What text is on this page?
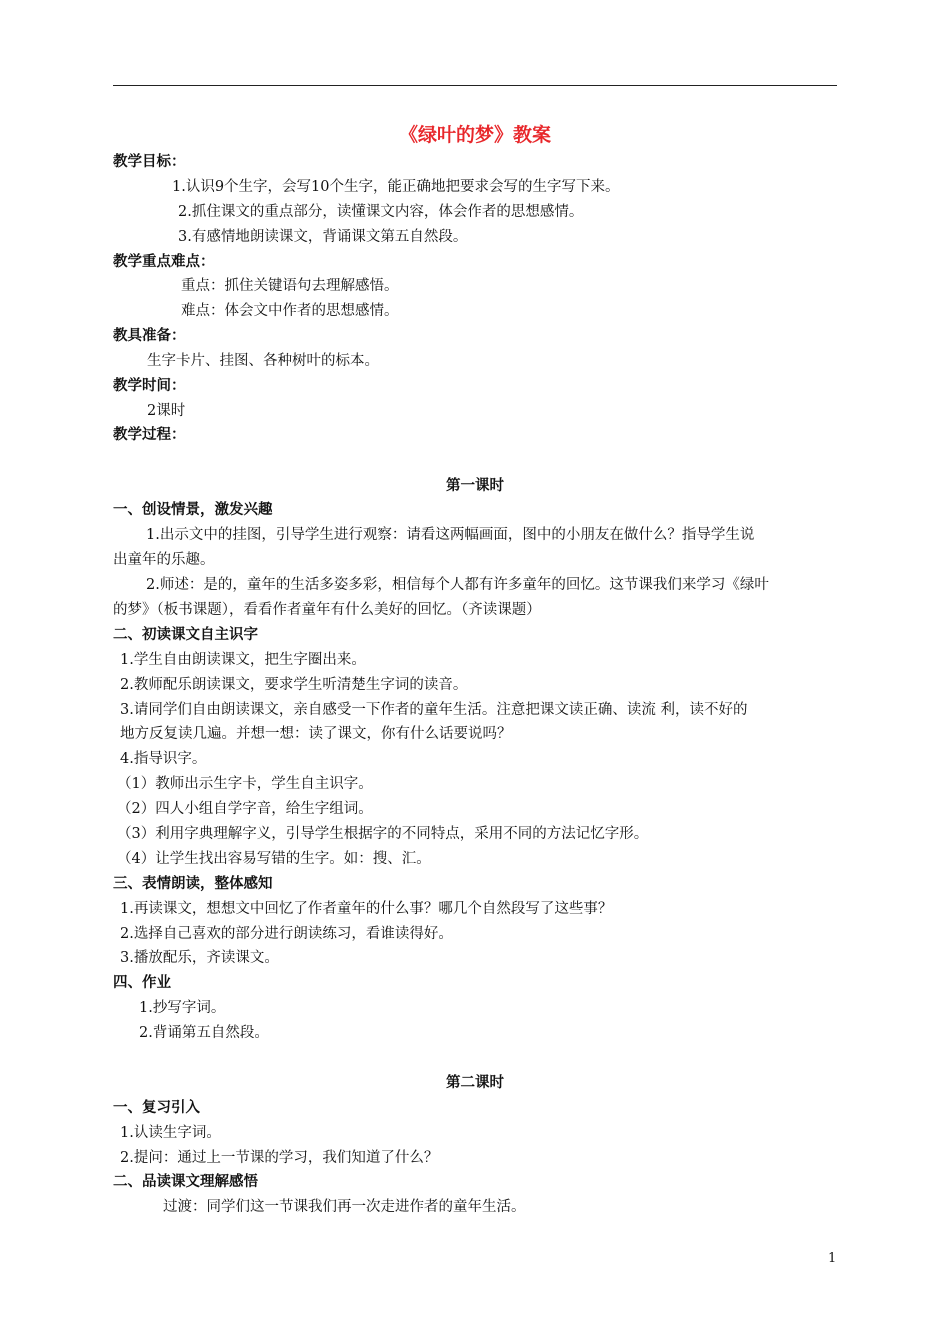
《绿叶的梦》教案
教学目标：
1.认识9个生字，会写10个生字，能正确地把要求会写的生字写下来。
2.抓住课文的重点部分，读懂课文内容，体会作者的思想感情。
3.有感情地朗读课文，背诵课文第五自然段。
教学重点难点：
重点：抓住关键语句去理解感悟。
难点：体会文中作者的思想感情。
教具准备：
生字卡片、挂图、各种树叶的标本。
教学时间：
2课时
教学过程：
第一课时
一、创设情景，激发兴趣
1.出示文中的挂图，引导学生进行观察：请看这两幅画面，图中的小朋友在做什么？指导学生说
出童年的乐趣。
2.师述：是的，童年的生活多姿多彩，相信每个人都有许多童年的回忆。这节课我们来学习《绿叶
的梦》（板书课题），看看作者童年有什么美好的回忆。（齐读课题）
二、初读课文自主识字
1.学生自由朗读课文，把生字圈出来。
2.教师配乐朗读课文，要求学生听清楚生字词的读音。
3.请同学们自由朗读课文，亲自感受一下作者的童年生活。注意把课文读正确、读流 利，读不好的
地方反复读几遍。并想一想：读了课文，你有什么话要说吗？
4.指导识字。
（1）教师出示生字卡，学生自主识字。
（2）四人小组自学字音，给生字组词。
（3）利用字典理解字义，引导学生根据字的不同特点，采用不同的方法记忆字形。
（4）让学生找出容易写错的生字。如：搜、汇。
三、表情朗读，整体感知
1.再读课文，想想文中回忆了作者童年的什么事？哪几个自然段写了这些事？
2.选择自己喜欢的部分进行朗读练习，看谁读得好。
3.播放配乐，齐读课文。
四、作业
1.抄写字词。
2.背诵第五自然段。
第二课时
一、复习引入
1.认读生字词。
2.提问：通过上一节课的学习，我们知道了什么？
二、品读课文理解感悟
过渡：同学们这一节课我们再一次走进作者的童年生活。
1
